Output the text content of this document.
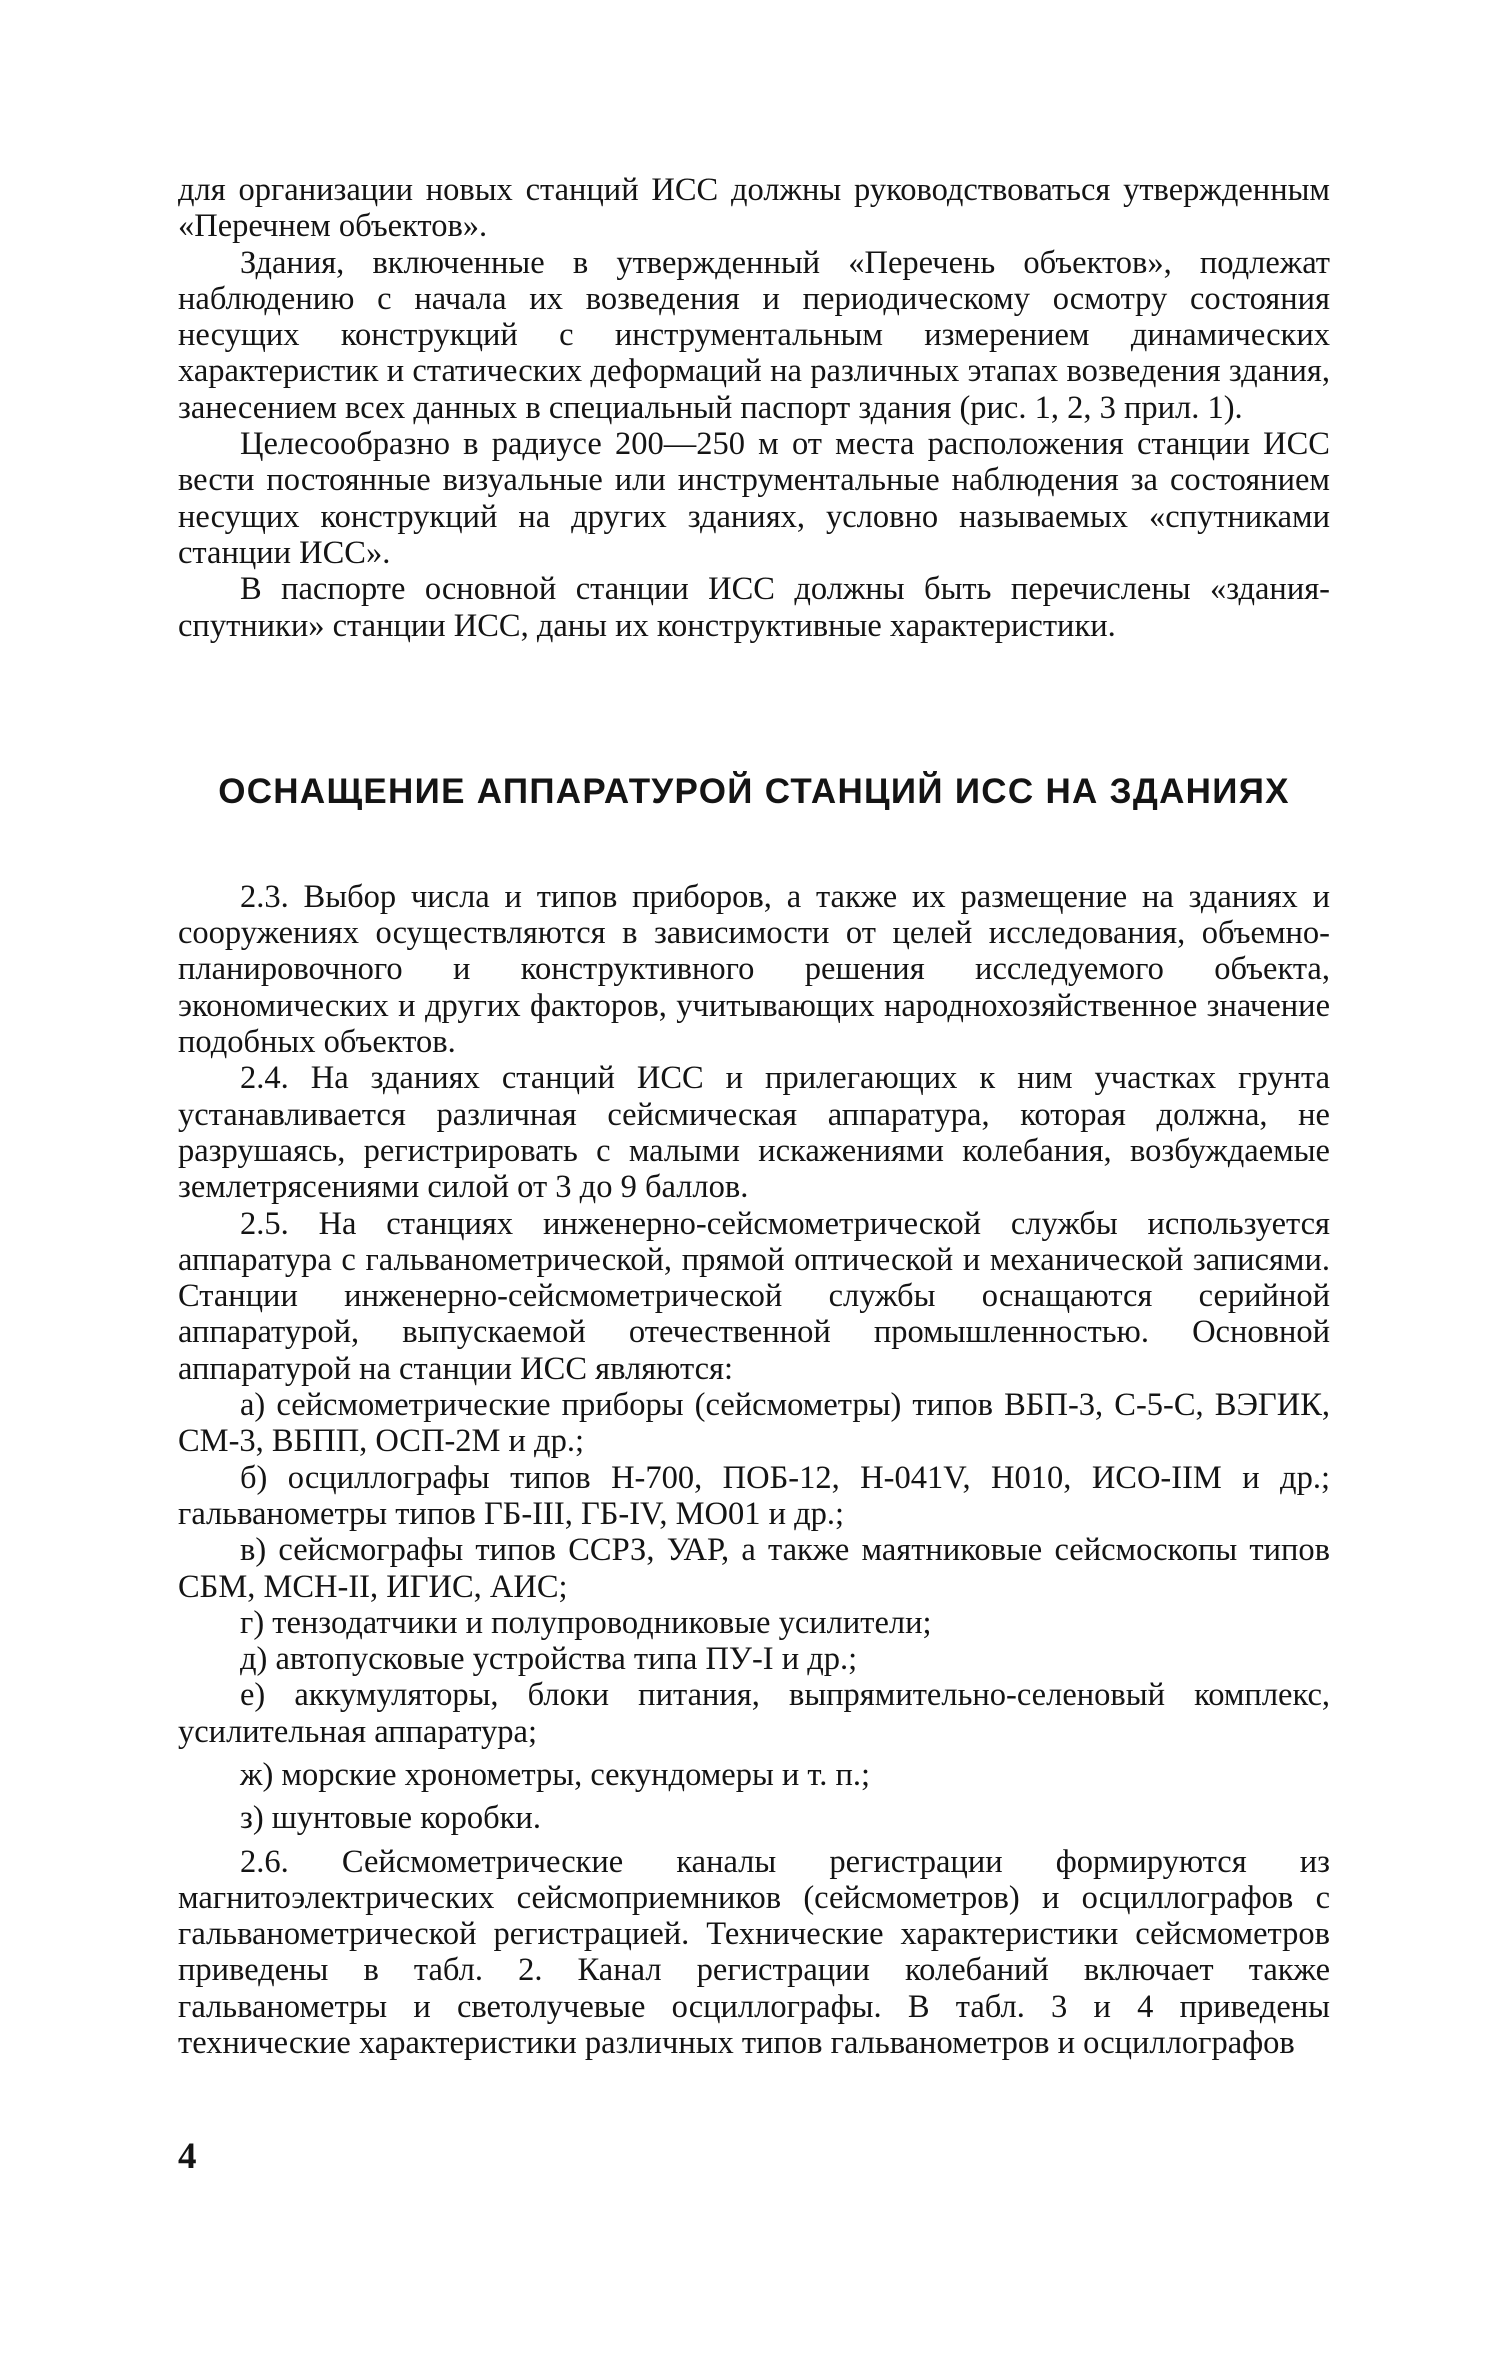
для организации новых станций ИСС должны руководствоваться утвержденным «Перечнем объектов».

Здания, включенные в утвержденный «Перечень объектов», подлежат наблюдению с начала их возведения и периодическому осмотру состояния несущих конструкций с инструментальным измерением динамических характеристик и статических деформаций на различных этапах возведения здания, занесением всех данных в специальный паспорт здания (рис. 1, 2, 3 прил. 1).

Целесообразно в радиусе 200—250 м от места расположения станции ИСС вести постоянные визуальные или инструментальные наблюдения за состоянием несущих конструкций на других зданиях, условно называемых «спутниками станции ИСС».

В паспорте основной станции ИСС должны быть перечислены «здания-спутники» станции ИСС, даны их конструктивные характеристики.

ОСНАЩЕНИЕ АППАРАТУРОЙ СТАНЦИЙ ИСС НА ЗДАНИЯХ

2.3. Выбор числа и типов приборов, а также их размещение на зданиях и сооружениях осуществляются в зависимости от целей исследования, объемно-планировочного и конструктивного решения исследуемого объекта, экономических и других факторов, учитывающих народнохозяйственное значение подобных объектов.

2.4. На зданиях станций ИСС и прилегающих к ним участках грунта устанавливается различная сейсмическая аппаратура, которая должна, не разрушаясь, регистрировать с малыми искажениями колебания, возбуждаемые землетрясениями силой от 3 до 9 баллов.

2.5. На станциях инженерно-сейсмометрической службы используется аппаратура с гальванометрической, прямой оптической и механической записями. Станции инженерно-сейсмометрической службы оснащаются серийной аппаратурой, выпускаемой отечественной промышленностью. Основной аппаратурой на станции ИСС являются:

а) сейсмометрические приборы (сейсмометры) типов ВБП-3, С-5-С, ВЭГИК, СМ-3, ВБПП, ОСП-2М и др.;

б) осциллографы типов Н-700, ПОБ-12, Н-041V, Н010, ИСО-IIМ и др.; гальванометры типов ГБ-III, ГБ-IV, МО01 и др.;

в) сейсмографы типов ССРЗ, УАР, а также маятниковые сейсмоскопы типов СБМ, МСН-II, ИГИС, АИС;

г) тензодатчики и полупроводниковые усилители;

д) автопусковые устройства типа ПУ-I и др.;

е) аккумуляторы, блоки питания, выпрямительно-селеновый комплекс, усилительная аппаратура;

ж) морские хронометры, секундомеры и т. п.;

з) шунтовые коробки.

2.6. Сейсмометрические каналы регистрации формируются из магнитоэлектрических сейсмоприемников (сейсмометров) и осциллографов с гальванометрической регистрацией. Технические характеристики сейсмометров приведены в табл. 2. Канал регистрации колебаний включает также гальванометры и светолучевые осциллографы. В табл. 3 и 4 приведены технические характеристики различных типов гальванометров и осциллографов

4
